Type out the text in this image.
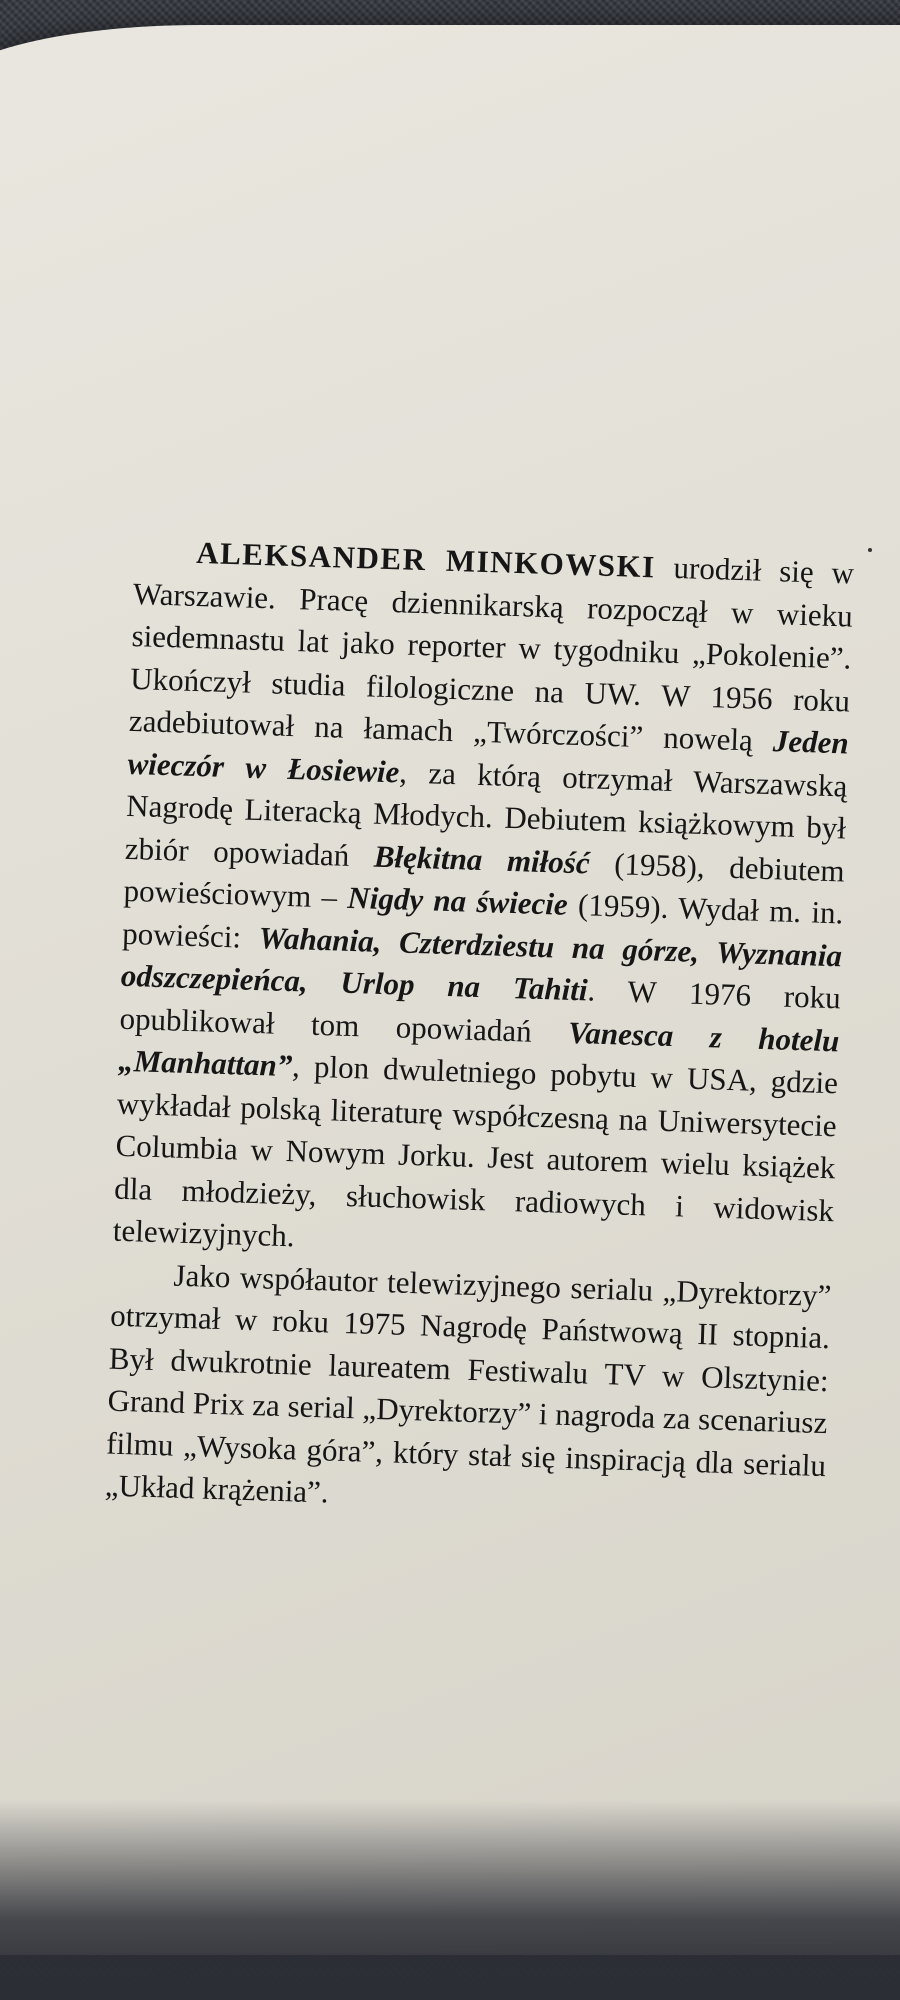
ALEKSANDER MINKOWSKI urodził się w Warszawie. Pracę dziennikarską rozpoczął w wieku siedemnastu lat jako reporter w tygodniku „Pokolenie”. Ukończył studia filologiczne na UW. W 1956 roku zadebiutował na łamach „Twórczości” nowelą Jeden wieczór w Łosiewie, za którą otrzymał Warszawską Nagrodę Literacką Młodych. Debiutem książkowym był zbiór opowiadań Błękitna miłość (1958), debiutem powieściowym – Nigdy na świecie (1959). Wydał m. in. powieści: Wahania, Czterdziestu na górze, Wyznania odszczepieńca, Urlop na Tahiti. W 1976 roku opublikował tom opowiadań Vanesca z hotelu „Manhattan”, plon dwuletniego pobytu w USA, gdzie wykładał polską literaturę współczesną na Uniwersytecie Columbia w Nowym Jorku. Jest autorem wielu książek dla młodzieży, słuchowisk radiowych i widowisk telewizyjnych.

Jako współautor telewizyjnego serialu „Dyrektorzy” otrzymał w roku 1975 Nagrodę Państwową II stopnia. Był dwukrotnie laureatem Festiwalu TV w Olsztynie: Grand Prix za serial „Dyrektorzy” i nagroda za scenariusz filmu „Wysoka góra”, który stał się inspiracją dla serialu „Układ krążenia”.
